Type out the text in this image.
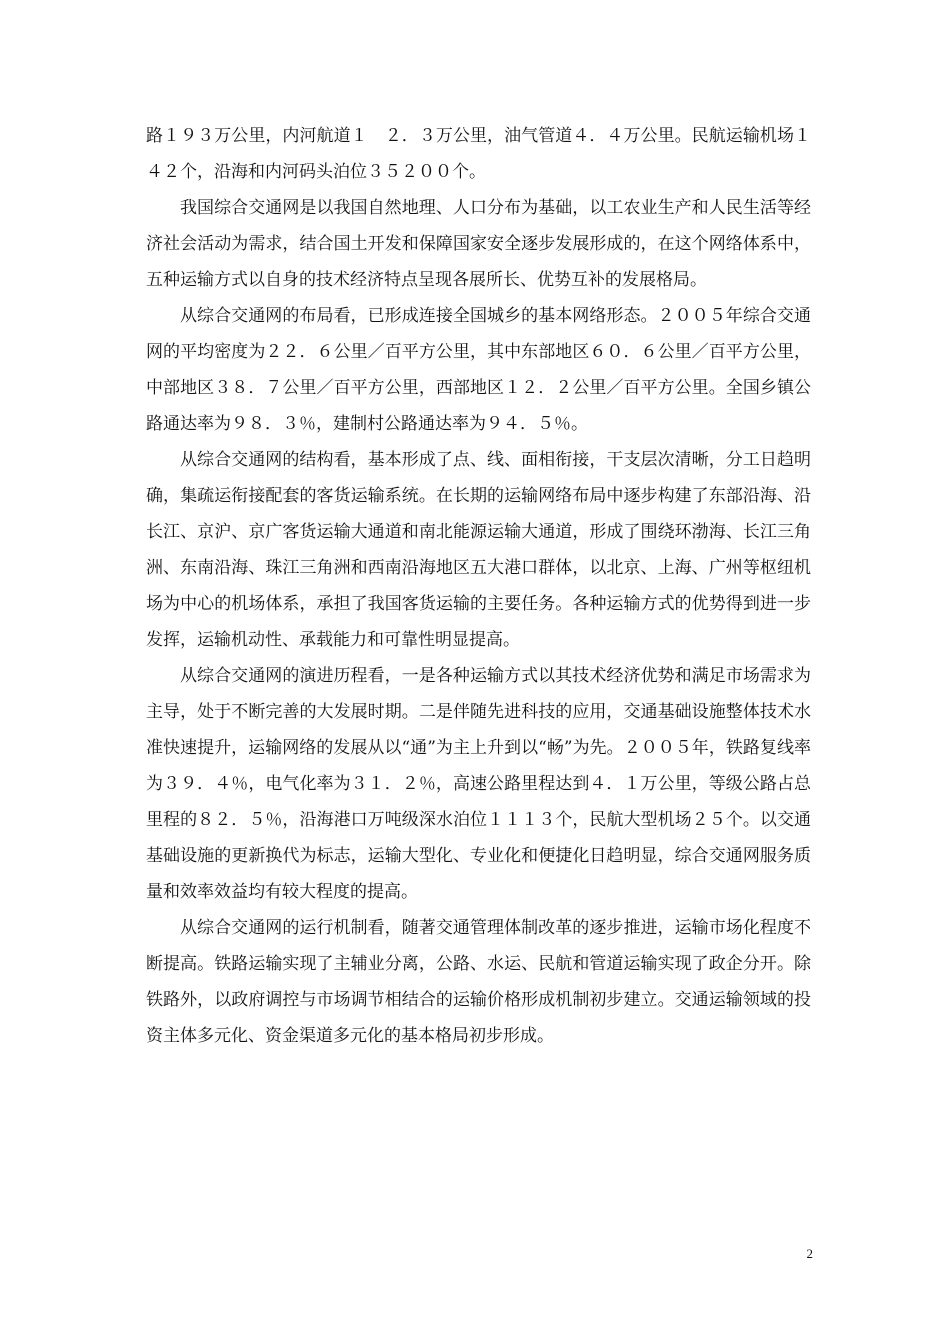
路１９３万公里，内河航道１　２．３万公里，油气管道４．４万公里。民航运输机场１４２个，沿海和内河码头泊位３５２００个。

我国综合交通网是以我国自然地理、人口分布为基础，以工农业生产和人民生活等经济社会活动为需求，结合国土开发和保障国家安全逐步发展形成的，在这个网络体系中，五种运输方式以自身的技术经济特点呈现各展所长、优势互补的发展格局。

从综合交通网的布局看，已形成连接全国城乡的基本网络形态。２００５年综合交通网的平均密度为２２．６公里／百平方公里，其中东部地区６０．６公里／百平方公里，中部地区３８．７公里／百平方公里，西部地区１２．２公里／百平方公里。全国乡镇公路通达率为９８．３％，建制村公路通达率为９４．５％。

从综合交通网的结构看，基本形成了点、线、面相衔接，干支层次清晰，分工日趋明确，集疏运衔接配套的客货运输系统。在长期的运输网络布局中逐步构建了东部沿海、沿长江、京沪、京广客货运输大通道和南北能源运输大通道，形成了围绕环渤海、长江三角洲、东南沿海、珠江三角洲和西南沿海地区五大港口群体，以北京、上海、广州等枢纽机场为中心的机场体系，承担了我国客货运输的主要任务。各种运输方式的优势得到进一步发挥，运输机动性、承载能力和可靠性明显提高。

从综合交通网的演进历程看，一是各种运输方式以其技术经济优势和满足市场需求为主导，处于不断完善的大发展时期。二是伴随先进科技的应用，交通基础设施整体技术水准快速提升，运输网络的发展从以“通”为主上升到以“畅”为先。２００５年，铁路复线率为３９．４％，电气化率为３１．２％，高速公路里程达到４．１万公里，等级公路占总里程的８２．５％，沿海港口万吨级深水泊位１１１３个，民航大型机场２５个。以交通基础设施的更新换代为标志，运输大型化、专业化和便捷化日趋明显，综合交通网服务质量和效率效益均有较大程度的提高。

从综合交通网的运行机制看，随著交通管理体制改革的逐步推进，运输市场化程度不断提高。铁路运输实现了主辅业分离，公路、水运、民航和管道运输实现了政企分开。除铁路外，以政府调控与市场调节相结合的运输价格形成机制初步建立。交通运输领域的投资主体多元化、资金渠道多元化的基本格局初步形成。

2
